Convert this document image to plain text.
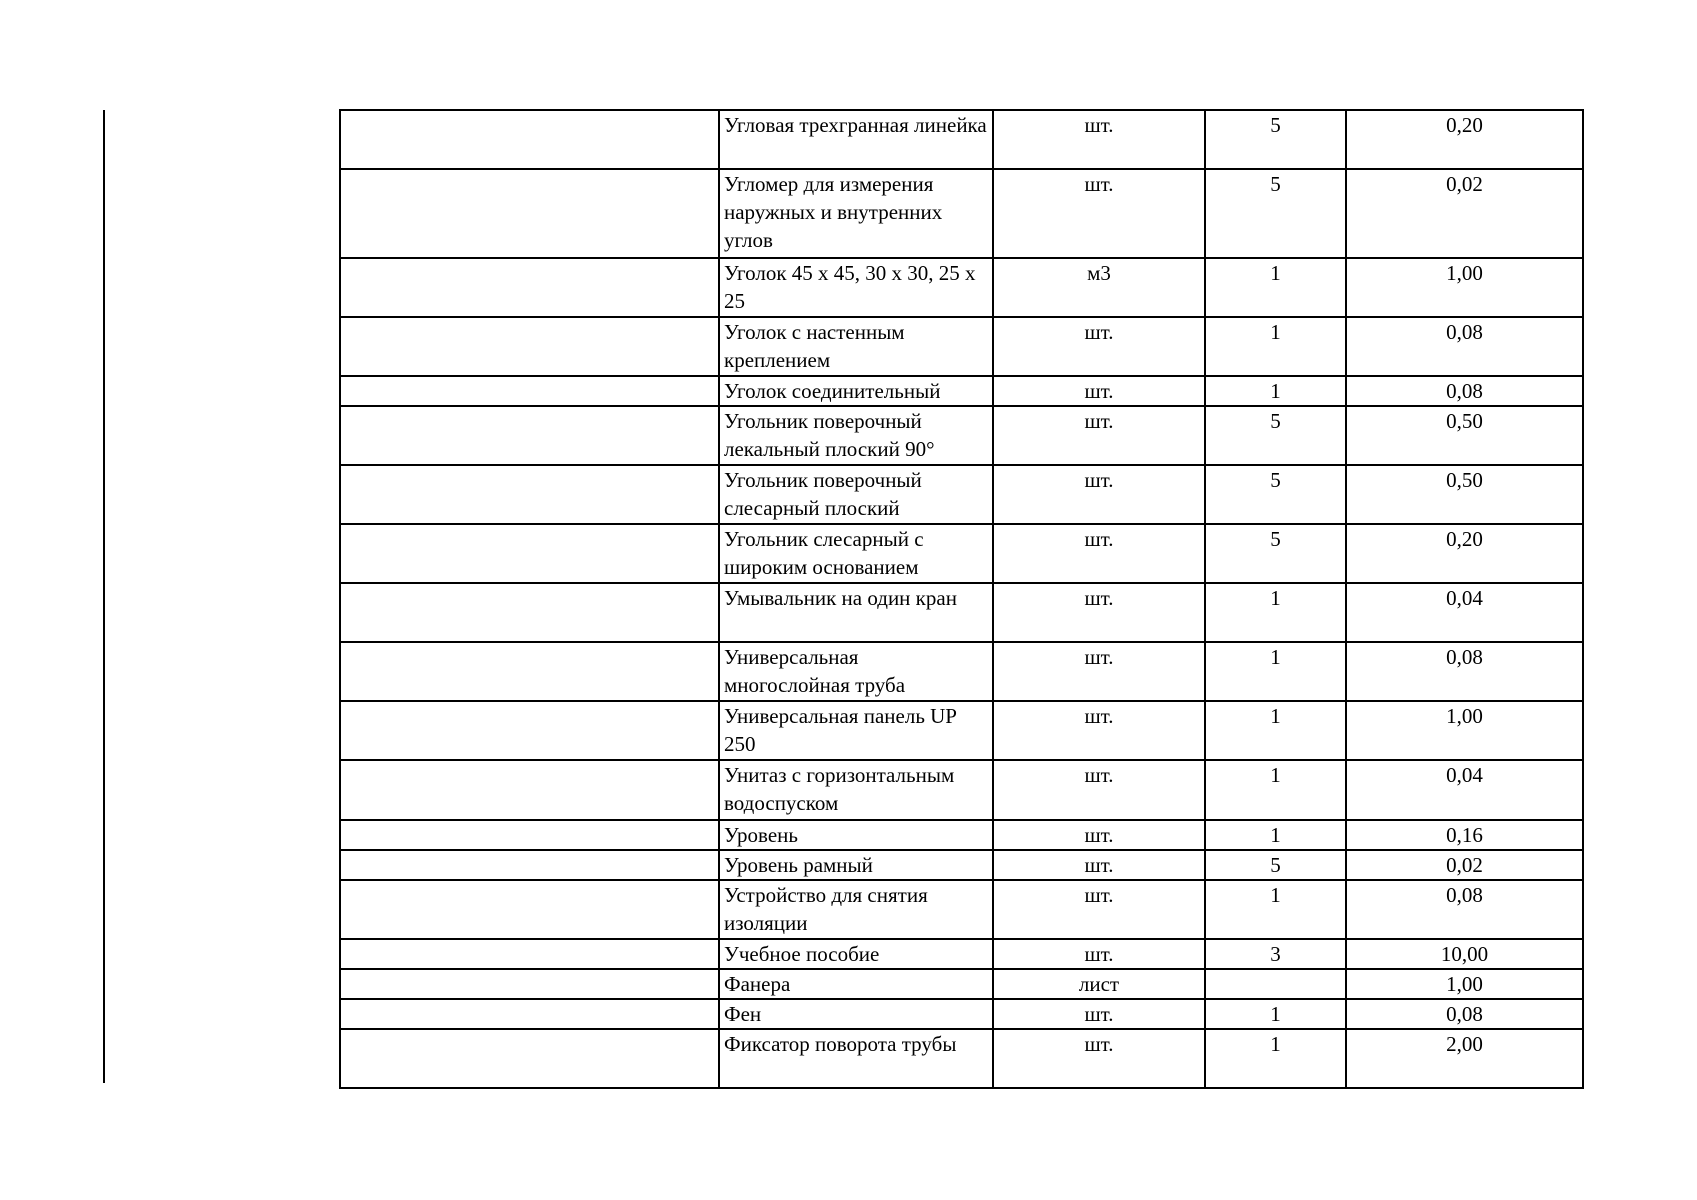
	Угловая трехгранная линейка	шт.	5	0,20
	Угломер для измерения наружных и внутренних углов	шт.	5	0,02
	Уголок 45 х 45, 30 х 30, 25 х 25	м3	1	1,00
	Уголок с настенным креплением	шт.	1	0,08
	Уголок соединительный	шт.	1	0,08
	Угольник поверочный лекальный плоский 90°	шт.	5	0,50
	Угольник поверочный слесарный плоский	шт.	5	0,50
	Угольник слесарный с широким основанием	шт.	5	0,20
	Умывальник на один кран	шт.	1	0,04
	Универсальная многослойная труба	шт.	1	0,08
	Универсальная панель UP 250	шт.	1	1,00
	Унитаз с горизонтальным водоспуском	шт.	1	0,04
	Уровень	шт.	1	0,16
	Уровень рамный	шт.	5	0,02
	Устройство для снятия изоляции	шт.	1	0,08
	Учебное пособие	шт.	3	10,00
	Фанера	лист		1,00
	Фен	шт.	1	0,08
	Фиксатор поворота трубы	шт.	1	2,00
